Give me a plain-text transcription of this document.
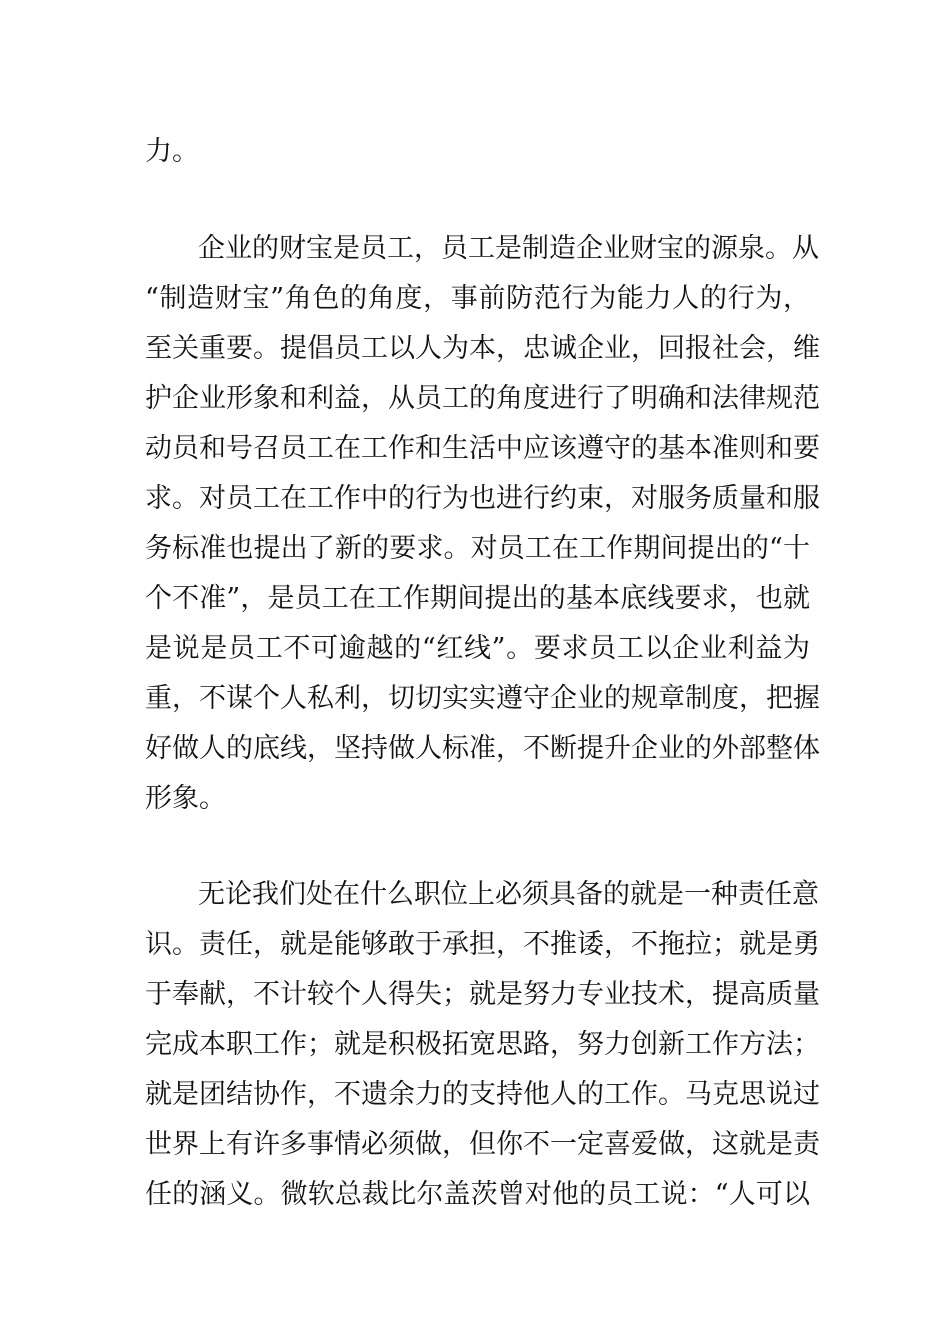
力。
企业的财宝是员工，员工是制造企业财宝的源泉。从
“制造财宝”角色的角度，事前防范行为能力人的行为，
至关重要。提倡员工以人为本，忠诚企业，回报社会，维
护企业形象和利益，从员工的角度进行了明确和法律规范
动员和号召员工在工作和生活中应该遵守的基本准则和要
求。对员工在工作中的行为也进行约束，对服务质量和服
务标准也提出了新的要求。对员工在工作期间提出的“十
个不准”，是员工在工作期间提出的基本底线要求，也就
是说是员工不可逾越的“红线”。要求员工以企业利益为
重，不谋个人私利，切切实实遵守企业的规章制度，把握
好做人的底线，坚持做人标准，不断提升企业的外部整体
形象。
无论我们处在什么职位上必须具备的就是一种责任意
识。责任，就是能够敢于承担，不推诿，不拖拉；就是勇
于奉献，不计较个人得失；就是努力专业技术，提高质量
完成本职工作；就是积极拓宽思路，努力创新工作方法；
就是团结协作，不遗余力的支持他人的工作。马克思说过
世界上有许多事情必须做，但你不一定喜爱做，这就是责
任的涵义。微软总裁比尔盖茨曾对他的员工说：“人可以
